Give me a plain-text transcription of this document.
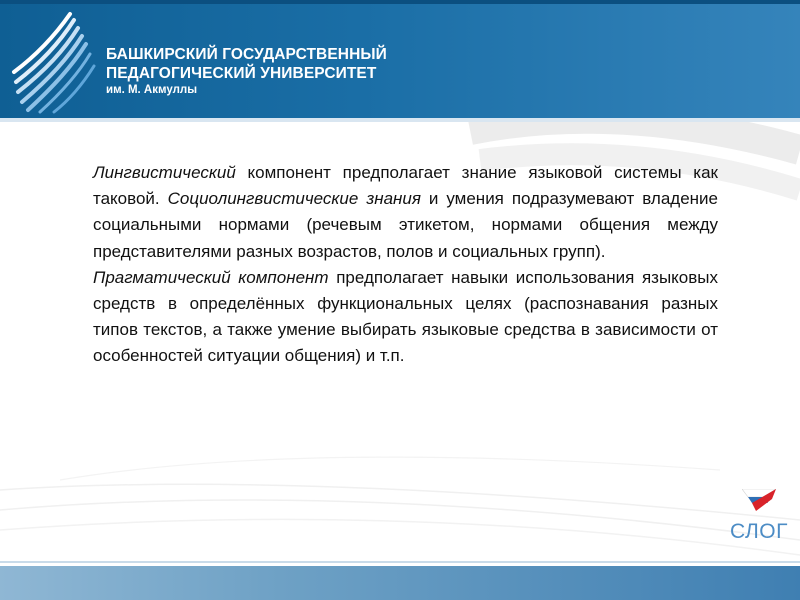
БАШКИРСКИЙ ГОСУДАРСТВЕННЫЙ
ПЕДАГОГИЧЕСКИЙ УНИВЕРСИТЕТ
им. М. Акмуллы

Лингвистический компонент предполагает знание языковой системы как таковой. Социолингвистические знания и умения подразумевают владение социальными нормами (речевым этикетом, нормами общения между представителями разных возрастов, полов и социальных групп).

Прагматический компонент предполагает навыки использования языковых средств в определённых функциональных целях (распознавания разных типов текстов, а также умение выбирать языковые средства в зависимости от особенностей ситуации общения) и т.п.

СЛОГ
